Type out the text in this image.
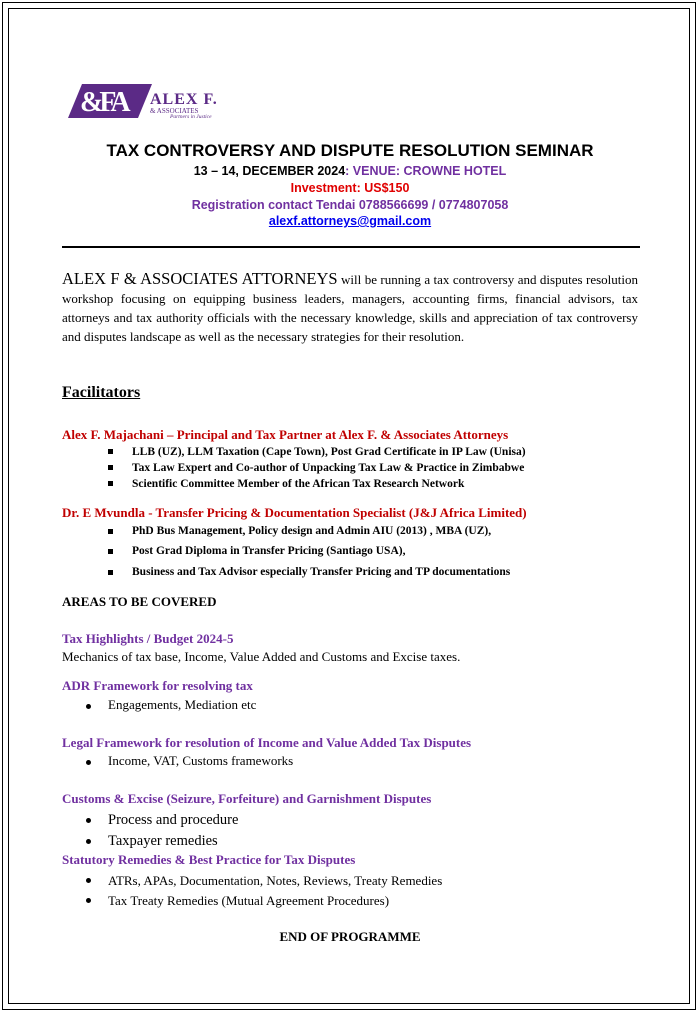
&FA ALEX F.
& ASSOCIATES
Partners in Justice
TAX CONTROVERSY AND DISPUTE RESOLUTION SEMINAR
13 – 14, DECEMBER 2024: VENUE: CROWNE HOTEL
Investment: US$150
Registration contact Tendai 0788566699 / 0774807058
alexf.attorneys@gmail.com
ALEX F & ASSOCIATES ATTORNEYS will be running a tax controversy and disputes resolution workshop focusing on equipping business leaders, managers, accounting firms, financial advisors, tax attorneys and tax authority officials with the necessary knowledge, skills and appreciation of tax controversy and disputes landscape as well as the necessary strategies for their resolution.
Facilitators
Alex F. Majachani – Principal and Tax Partner at Alex F. & Associates Attorneys
LLB (UZ), LLM Taxation (Cape Town), Post Grad Certificate in IP Law (Unisa)
Tax Law Expert and Co-author of Unpacking Tax Law & Practice in Zimbabwe
Scientific Committee Member of the African Tax Research Network
Dr. E Mvundla - Transfer Pricing & Documentation Specialist (J&J Africa Limited)
PhD Bus Management, Policy design and Admin AIU (2013) , MBA (UZ),
Post Grad Diploma in Transfer Pricing (Santiago USA),
Business and Tax Advisor especially Transfer Pricing and TP documentations
AREAS TO BE COVERED
Tax Highlights / Budget 2024-5
Mechanics of tax base, Income, Value Added and Customs and Excise taxes.
ADR Framework for resolving tax
Engagements, Mediation etc
Legal Framework for resolution of Income and Value Added Tax Disputes
Income, VAT, Customs frameworks
Customs & Excise (Seizure, Forfeiture) and Garnishment Disputes
Process and procedure
Taxpayer remedies
Statutory Remedies & Best Practice for Tax Disputes
ATRs, APAs, Documentation, Notes, Reviews, Treaty Remedies
Tax Treaty Remedies (Mutual Agreement Procedures)
END OF PROGRAMME
